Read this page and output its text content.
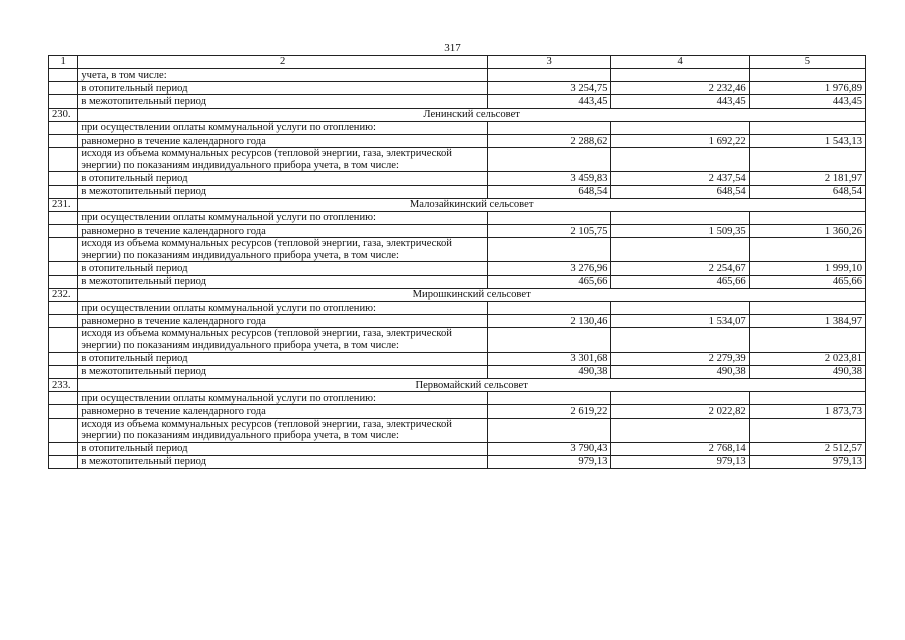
317
1	2	3	4	5
	учета, в том числе:			
	в отопительный период	3 254,75	2 232,46	1 976,89
	в межотопительный период	443,45	443,45	443,45
230.	Ленинский сельсовет			
	при осуществлении оплаты коммунальной услуги по отоплению:			
	равномерно в течение календарного года	2 288,62	1 692,22	1 543,13
	исходя из объема коммунальных ресурсов (тепловой энергии, газа, электрической энергии) по показаниям индивидуального прибора учета, в том числе:			
	в отопительный период	3 459,83	2 437,54	2 181,97
	в межотопительный период	648,54	648,54	648,54
231.	Малозайкинский сельсовет			
	при осуществлении оплаты коммунальной услуги по отоплению:			
	равномерно в течение календарного года	2 105,75	1 509,35	1 360,26
	исходя из объема коммунальных ресурсов (тепловой энергии, газа, электрической энергии) по показаниям индивидуального прибора учета, в том числе:			
	в отопительный период	3 276,96	2 254,67	1 999,10
	в межотопительный период	465,66	465,66	465,66
232.	Мирошкинский сельсовет			
	при осуществлении оплаты коммунальной услуги по отоплению:			
	равномерно в течение календарного года	2 130,46	1 534,07	1 384,97
	исходя из объема коммунальных ресурсов (тепловой энергии, газа, электрической энергии) по показаниям индивидуального прибора учета, в том числе:			
	в отопительный период	3 301,68	2 279,39	2 023,81
	в межотопительный период	490,38	490,38	490,38
233.	Первомайский сельсовет			
	при осуществлении оплаты коммунальной услуги по отоплению:			
	равномерно в течение календарного года	2 619,22	2 022,82	1 873,73
	исходя из объема коммунальных ресурсов (тепловой энергии, газа, электрической энергии) по показаниям индивидуального прибора учета, в том числе:			
	в отопительный период	3 790,43	2 768,14	2 512,57
	в межотопительный период	979,13	979,13	979,13
